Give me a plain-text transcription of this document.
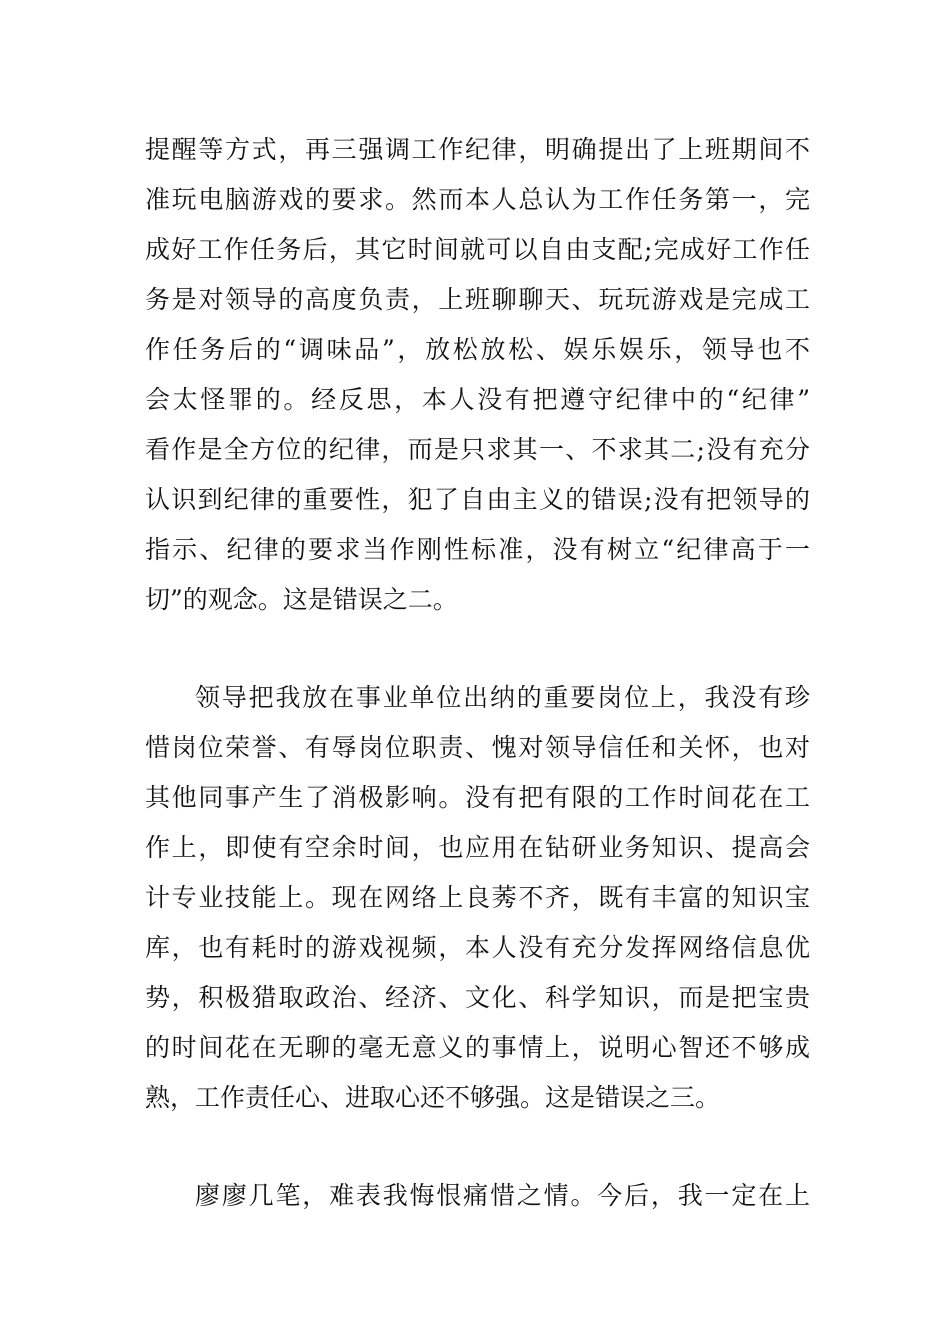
提醒等方式，再三强调工作纪律，明确提出了上班期间不
准玩电脑游戏的要求。然而本人总认为工作任务第一，完
成好工作任务后，其它时间就可以自由支配;完成好工作任
务是对领导的高度负责，上班聊聊天、玩玩游戏是完成工
作任务后的“调味品”，放松放松、娱乐娱乐，领导也不
会太怪罪的。经反思，本人没有把遵守纪律中的“纪律”
看作是全方位的纪律，而是只求其一、不求其二;没有充分
认识到纪律的重要性，犯了自由主义的错误;没有把领导的
指示、纪律的要求当作刚性标准，没有树立“纪律高于一
切”的观念。这是错误之二。
领导把我放在事业单位出纳的重要岗位上，我没有珍
惜岗位荣誉、有辱岗位职责、愧对领导信任和关怀，也对
其他同事产生了消极影响。没有把有限的工作时间花在工
作上，即使有空余时间，也应用在钻研业务知识、提高会
计专业技能上。现在网络上良莠不齐，既有丰富的知识宝
库，也有耗时的游戏视频，本人没有充分发挥网络信息优
势，积极猎取政治、经济、文化、科学知识，而是把宝贵
的时间花在无聊的毫无意义的事情上，说明心智还不够成
熟，工作责任心、进取心还不够强。这是错误之三。
廖廖几笔，难表我悔恨痛惜之情。今后，我一定在上
